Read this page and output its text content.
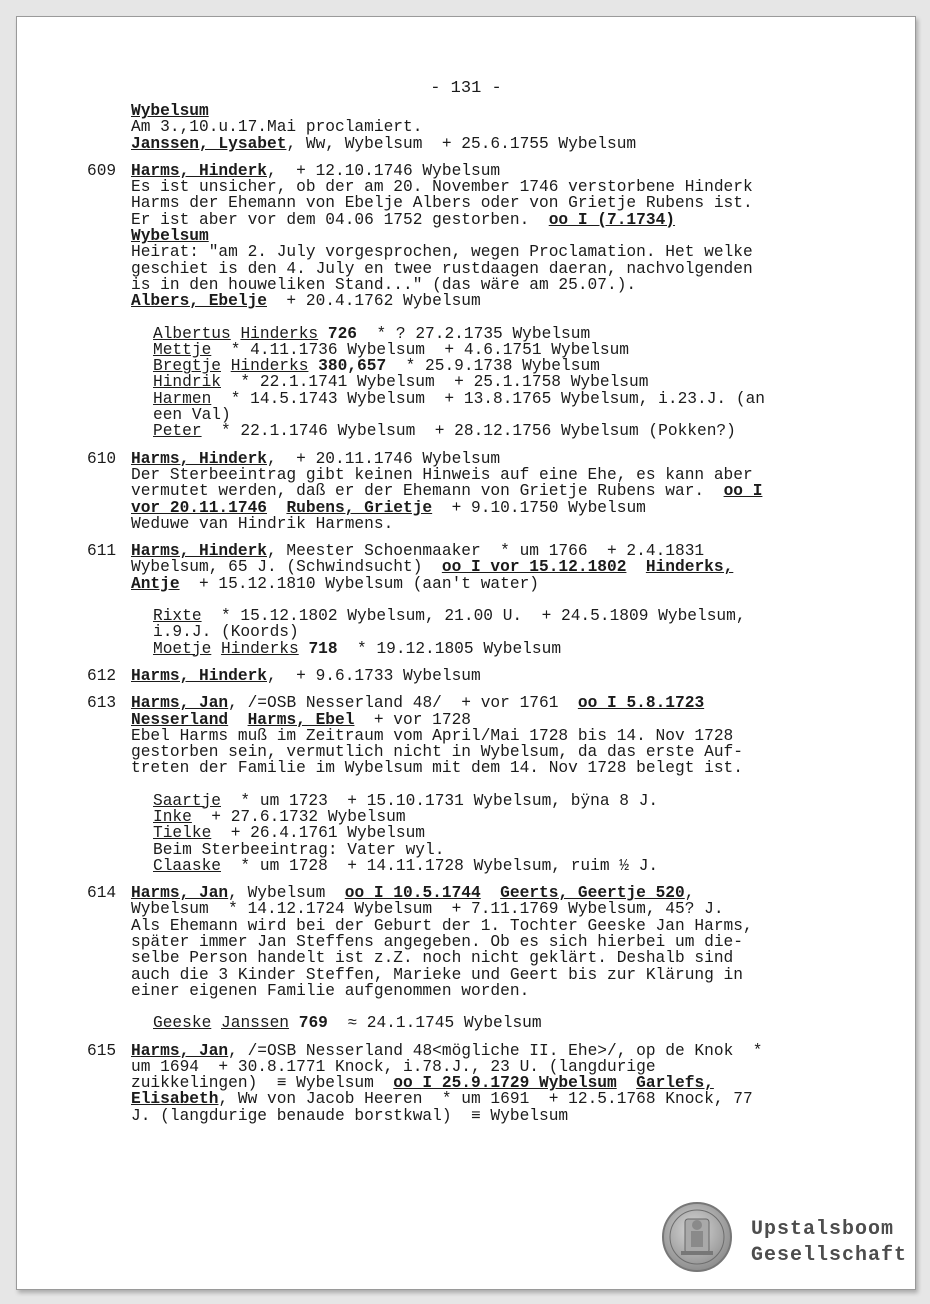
- 131 -
Wybelsum
Am 3.,10.u.17.Mai proclamiert.
Janssen, Lysabet, Ww, Wybelsum  + 25.6.1755 Wybelsum
609 Harms, Hinderk,  + 12.10.1746 Wybelsum
Es ist unsicher, ob der am 20. November 1746 verstorbene Hinderk
Harms der Ehemann von Ebelje Albers oder von Grietje Rubens ist.
Er ist aber vor dem 04.06 1752 gestorben.  oo I (7.1734)
Wybelsum
Heirat: "am 2. July vorgesprochen, wegen Proclamation. Het welke
geschiet is den 4. July en twee rustdaagen daeran, nachvolgenden
is in den houweliken Stand..." (das wäre am 25.07.).
Albers, Ebelje  + 20.4.1762 Wybelsum
Albertus Hinderks 726  * ? 27.2.1735 Wybelsum
Mettje  * 4.11.1736 Wybelsum  + 4.6.1751 Wybelsum
Bregtje Hinderks 380,657  * 25.9.1738 Wybelsum
Hindrik  * 22.1.1741 Wybelsum  + 25.1.1758 Wybelsum
Harmen  * 14.5.1743 Wybelsum  + 13.8.1765 Wybelsum, i.23.J. (an
een Val)
Peter  * 22.1.1746 Wybelsum  + 28.12.1756 Wybelsum (Pokken?)
610 Harms, Hinderk,  + 20.11.1746 Wybelsum
Der Sterbeeintrag gibt keinen Hinweis auf eine Ehe, es kann aber
vermutet werden, daß er der Ehemann von Grietje Rubens war.  oo I
vor 20.11.1746 Rubens, Grietje  + 9.10.1750 Wybelsum
Weduwe van Hindrik Harmens.
611 Harms, Hinderk, Meester Schoenmaaker  * um 1766  + 2.4.1831
Wybelsum, 65 J. (Schwindsucht)  oo I vor 15.12.1802 Hinderks,
Antje  + 15.12.1810 Wybelsum (aan't water)
Rixte  * 15.12.1802 Wybelsum, 21.00 U.  + 24.5.1809 Wybelsum,
i.9.J. (Koords)
Moetje Hinderks 718  * 19.12.1805 Wybelsum
612 Harms, Hinderk,  + 9.6.1733 Wybelsum
613 Harms, Jan, /=OSB Nesserland 48/  + vor 1761  oo I 5.8.1723
Nesserland Harms, Ebel  + vor 1728
Ebel Harms muß im Zeitraum vom April/Mai 1728 bis 14. Nov 1728
gestorben sein, vermutlich nicht in Wybelsum, da das erste Auf-
treten der Familie im Wybelsum mit dem 14. Nov 1728 belegt ist.
Saartje  * um 1723  + 15.10.1731 Wybelsum, bÿna 8 J.
Inke  + 27.6.1732 Wybelsum
Tielke  + 26.4.1761 Wybelsum
Beim Sterbeeintrag: Vater wyl.
Claaske  * um 1728  + 14.11.1728 Wybelsum, ruim ½ J.
614 Harms, Jan, Wybelsum  oo I 10.5.1744 Geerts, Geertje 520,
Wybelsum  * 14.12.1724 Wybelsum  + 7.11.1769 Wybelsum, 45? J.
Als Ehemann wird bei der Geburt der 1. Tochter Geeske Jan Harms,
später immer Jan Steffens angegeben. Ob es sich hierbei um die-
selbe Person handelt ist z.Z. noch nicht geklärt. Deshalb sind
auch die 3 Kinder Steffen, Marieke und Geert bis zur Klärung in
einer eigenen Familie aufgenommen worden.
Geeske Janssen 769  ≈ 24.1.1745 Wybelsum
615 Harms, Jan, /=OSB Nesserland 48<mögliche II. Ehe>/, op de Knok  *
um 1694  + 30.8.1771 Knock, i.78.J., 23 U. (langdurige
zuikkelingen)  ≡ Wybelsum  oo I 25.9.1729 Wybelsum Garlefs,
Elisabeth, Ww von Jacob Heeren  * um 1691  + 12.5.1768 Knock, 77
J. (langdurige benaude borstkwal)  ≡ Wybelsum
Upstalsboom
Gesellschaft
